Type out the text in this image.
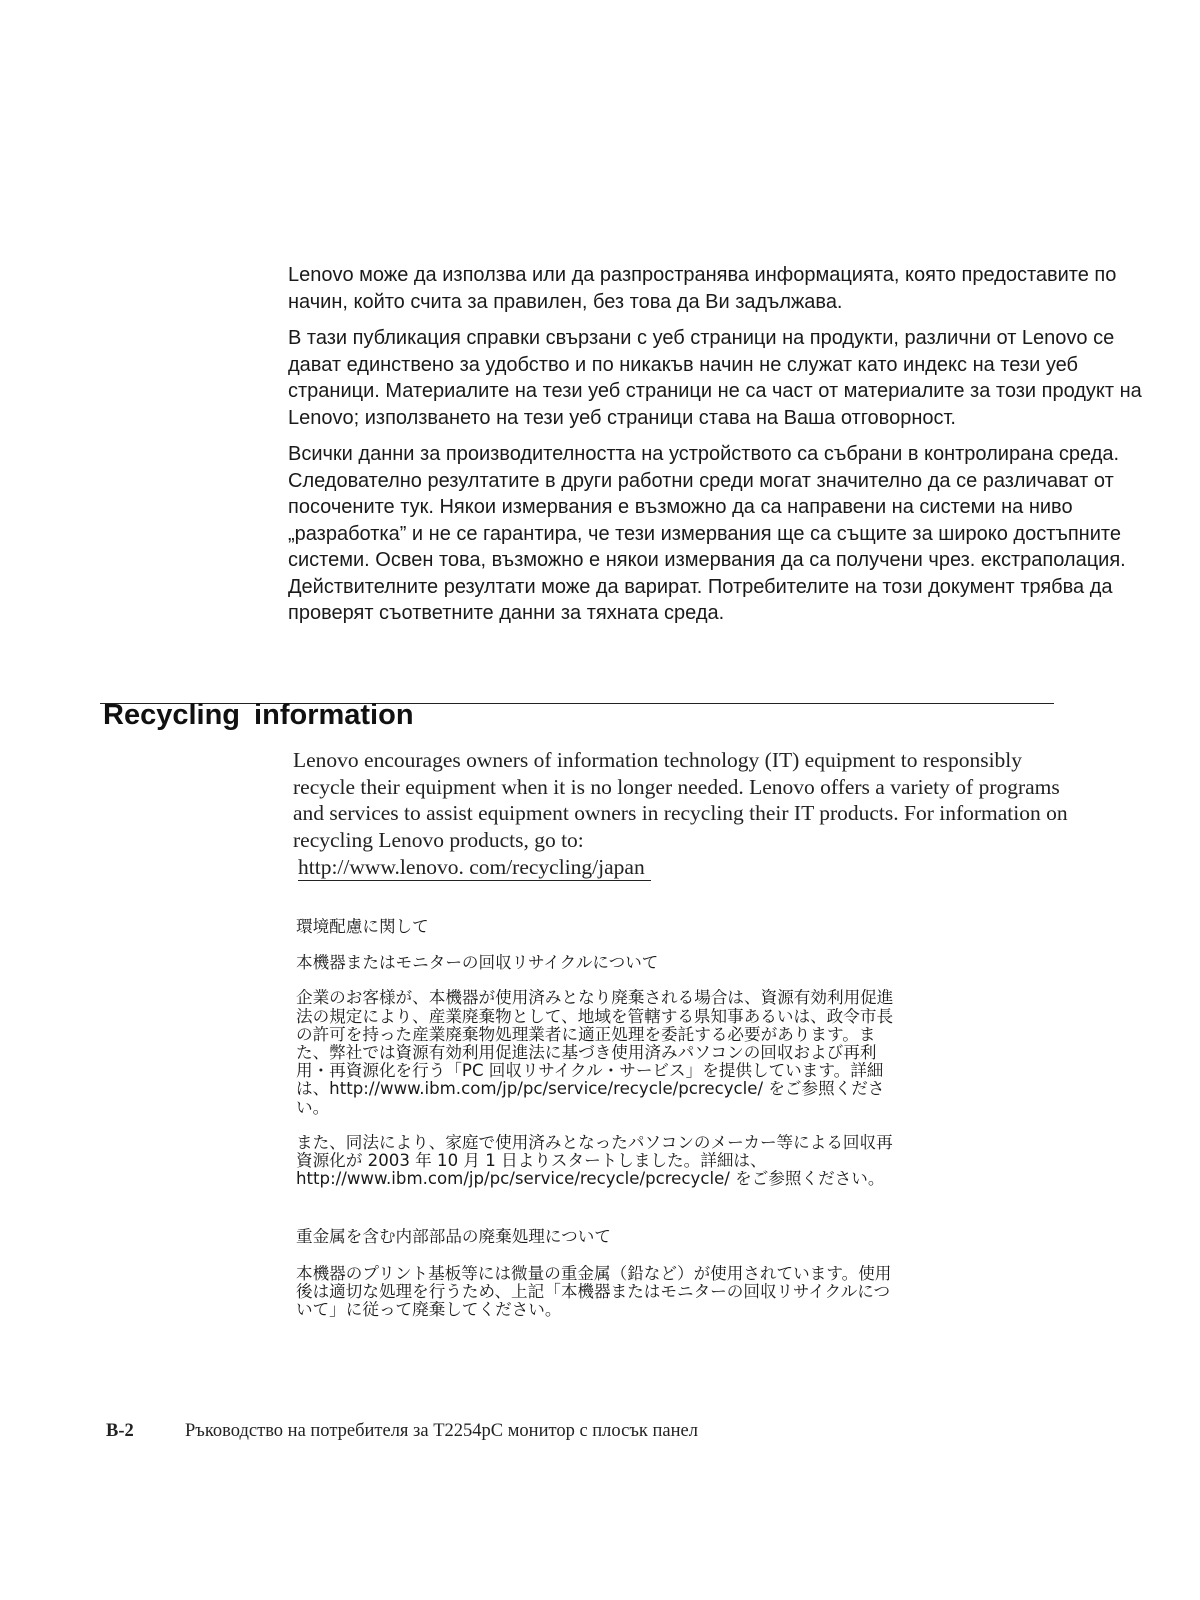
Lenovo може да използва или да разпространява информацията, която предоставите по начин, който счита за правилен, без това да Ви задължава.

В тази публикация справки свързани с уеб страници на продукти, различни от Lenovo се дават единствено за удобство и по никакъв начин не служат като индекс на тези уеб страници. Материалите на тези уеб страници не са част от материалите за този продукт на Lenovo; използването на тези уеб страници става на Ваша отговорност.

Всички данни за производителността на устройството са събрани в контролирана среда. Следователно резултатите в други работни среди могат значително да се различават от посочените тук. Някои измервания е възможно да са направени на системи на ниво „разработка” и не се гарантира, че тези измервания ще са същите за широко достъпните системи. Освен това, възможно е някои измервания да са получени чрез. екстраполация. Действителните резултати може да варират. Потребителите на този документ трябва да проверят съответните данни за тяхната среда.

Recycling information

Lenovo encourages owners of information technology (IT) equipment to responsibly recycle their equipment when it is no longer needed. Lenovo offers a variety of programs and services to assist equipment owners in recycling their IT products. For information on recycling Lenovo products, go to:

http://www.lenovo. com/recycling/japan
環境配慮に関して
本機器またはモニターの回収リサイクルについて

企業のお客様が、本機器が使用済みとなり廃棄される場合は、資源有効利用促進法の規定により、産業廃棄物として、地域を管轄する県知事あるいは、政令市長の許可を持った産業廃棄物処理業者に適正処理を委託する必要があります。また、弊社では資源有効利用促進法に基づき使用済みパソコンの回収および再利用・再資源化を行う「PC 回収リサイクル・サービス」を提供しています。詳細は、http://www.ibm.com/jp/pc/service/recycle/pcrecycle/ をご参照ください。

また、同法により、家庭で使用済みとなったパソコンのメーカー等による回収再資源化が 2003 年 10 月 1 日よりスタートしました。詳細は、http://www.ibm.com/jp/pc/service/recycle/pcrecycle/ をご参照ください。

重金属を含む内部部品の廃棄処理について

本機器のプリント基板等には微量の重金属（鉛など）が使用されています。使用後は適切な処理を行うため、上記「本機器またはモニターの回収リサイクルについて」に従って廃棄してください。

B-2	Ръководство на потребителя за T2254pC монитор с плосък панел
